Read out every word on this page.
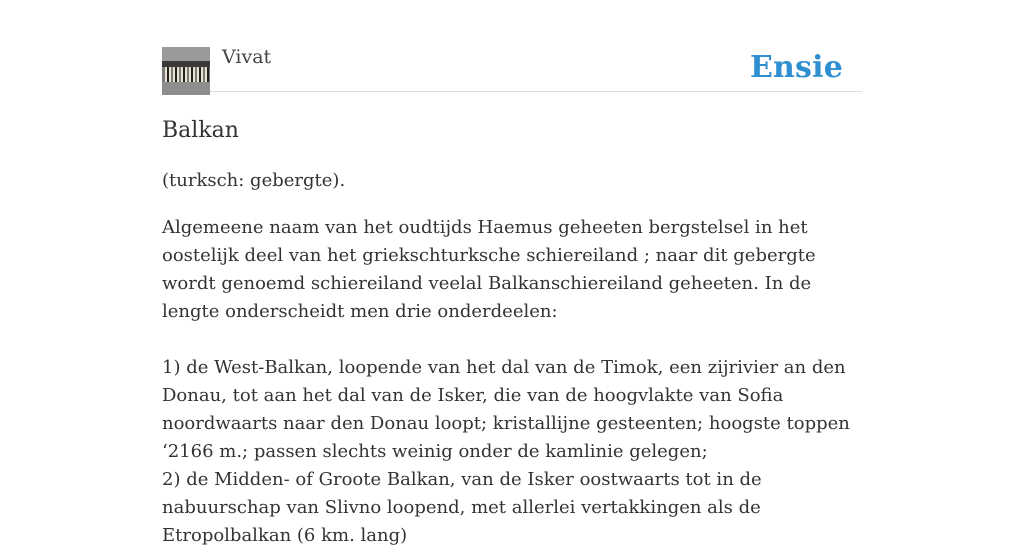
Vivat	Ensie
Balkan

(turksch: gebergte).

Algemeene naam van het oudtijds Haemus geheeten bergstelsel in het oostelijk deel van het griekschturksche schiereiland ; naar dit gebergte wordt genoemd schiereiland veelal Balkanschiereiland geheeten. In de lengte onderscheidt men drie onderdeelen:

1) de West-Balkan, loopende van het dal van de Timok, een zijrivier an den Donau, tot aan het dal van de Isker, die van de hoogvlakte van Sofia noordwaarts naar den Donau loopt; kristallijne gesteenten; hoogste toppen ‘2166 m.; passen slechts weinig onder de kamlinie gelegen;
2) de Midden- of Groote Balkan, van de Isker oostwaarts tot in de nabuurschap van Slivno loopend, met allerlei vertakkingen als de Etropolbalkan (6 km. lang)
